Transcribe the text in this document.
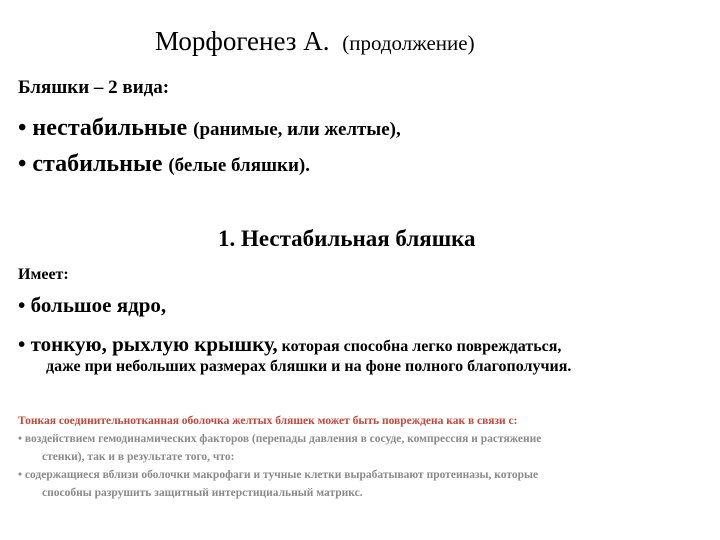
Морфогенез А. (продолжение)
Бляшки – 2 вида:
• нестабильные (ранимые, или желтые),
• стабильные (белые бляшки).
1. Нестабильная бляшка
Имеет:
• большое ядро,
• тонкую, рыхлую крышку, которая способна легко повреждаться,
даже при небольших размерах бляшки и на фоне полного благополучия.
Тонкая соединительнотканная оболочка желтых бляшек может быть повреждена как в связи с:
• воздействием гемодинамических факторов (перепады давления в сосуде, компрессия и растяжение
стенки), так и в результате того, что:
• содержащиеся вблизи оболочки макрофаги и тучные клетки вырабатывают протеиназы, которые
способны разрушить защитный интерстициальный матрикс.
